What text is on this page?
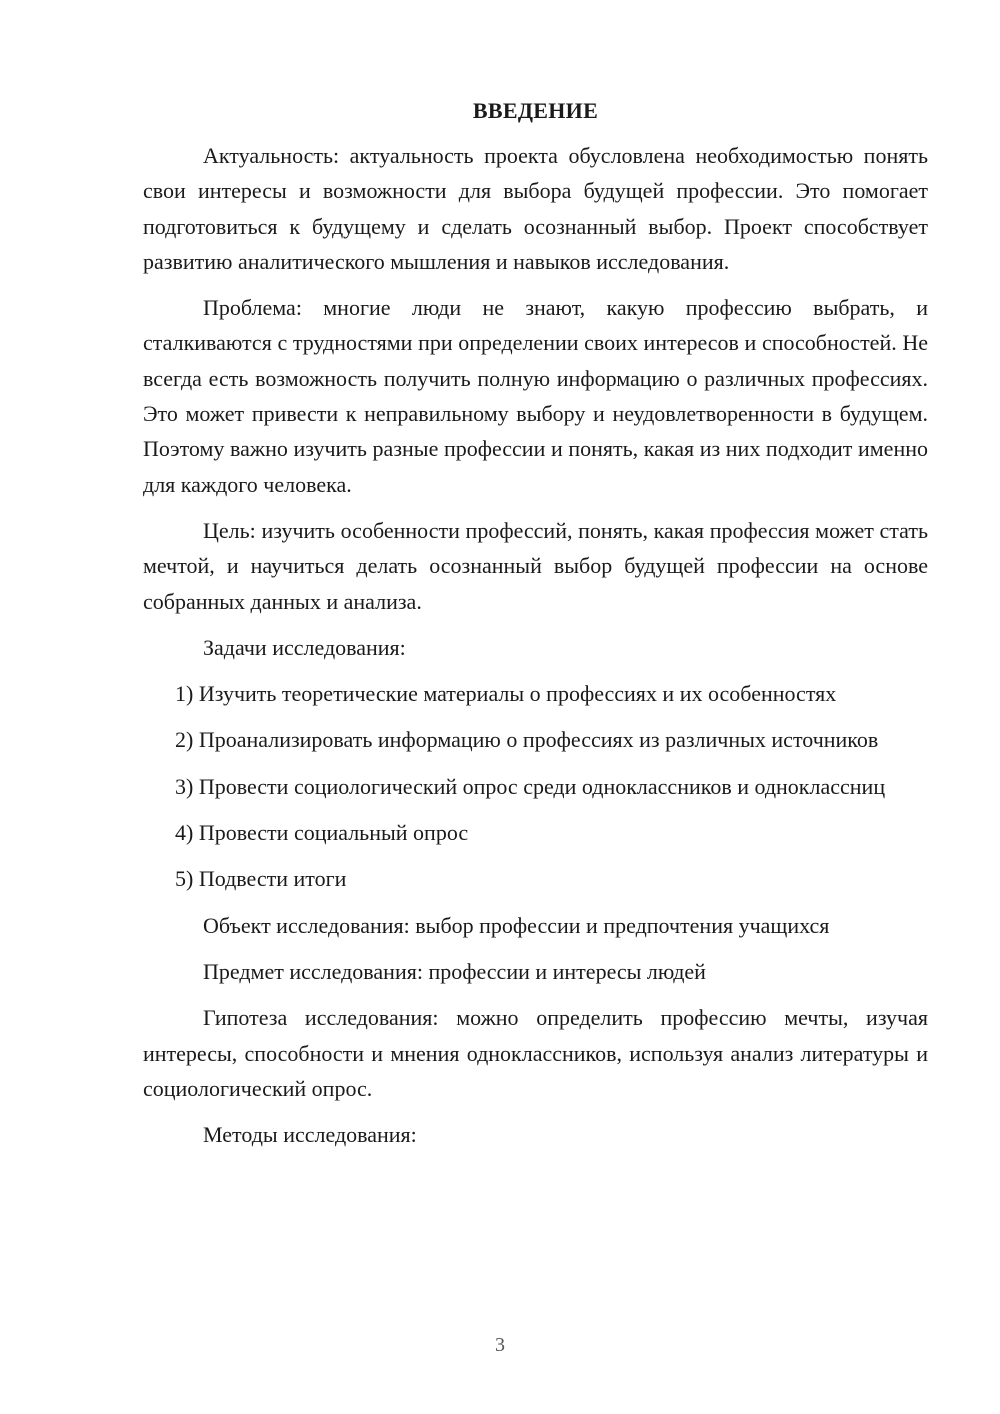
ВВЕДЕНИЕ

Актуальность: актуальность проекта обусловлена необходимостью понять свои интересы и возможности для выбора будущей профессии. Это помогает подготовиться к будущему и сделать осознанный выбор. Проект способствует развитию аналитического мышления и навыков исследования.

Проблема: многие люди не знают, какую профессию выбрать, и сталкиваются с трудностями при определении своих интересов и способностей. Не всегда есть возможность получить полную информацию о различных профессиях. Это может привести к неправильному выбору и неудовлетворенности в будущем. Поэтому важно изучить разные профессии и понять, какая из них подходит именно для каждого человека.

Цель: изучить особенности профессий, понять, какая профессия может стать мечтой, и научиться делать осознанный выбор будущей профессии на основе собранных данных и анализа.

Задачи исследования:

1) Изучить теоретические материалы о профессиях и их особенностях

2) Проанализировать информацию о профессиях из различных источников

3) Провести социологический опрос среди одноклассников и одноклассниц

4) Провести социальный опрос

5) Подвести итоги

Объект исследования: выбор профессии и предпочтения учащихся

Предмет исследования: профессии и интересы людей

Гипотеза исследования: можно определить профессию мечты, изучая интересы, способности и мнения одноклассников, используя анализ литературы и социологический опрос.

Методы исследования:

3
